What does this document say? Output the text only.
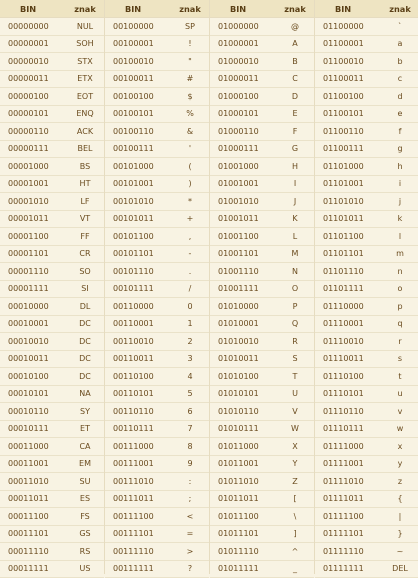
BIN	znak
00000000	NUL
00000001	SOH
00000010	STX
00000011	ETX
00000100	EOT
00000101	ENQ
00000110	ACK
00000111	BEL
00001000	BS
00001001	HT
00001010	LF
00001011	VT
00001100	FF
00001101	CR
00001110	SO
00001111	SI
00010000	DL
00010001	DC
00010010	DC
00010011	DC
00010100	DC
00010101	NA
00010110	SY
00010111	ET
00011000	CA
00011001	EM
00011010	SU
00011011	ES
00011100	FS
00011101	GS
00011110	RS
00011111	US
BIN	znak
00100000	SP
00100001	!
00100010	"
00100011	#
00100100	$
00100101	%
00100110	&
00100111	'
00101000	(
00101001	)
00101010	*
00101011	+
00101100	,
00101101	-
00101110	.
00101111	/
00110000	0
00110001	1
00110010	2
00110011	3
00110100	4
00110101	5
00110110	6
00110111	7
00111000	8
00111001	9
00111010	:
00111011	;
00111100	<
00111101	=
00111110	>
00111111	?
BIN	znak
01000000	@
01000001	A
01000010	B
01000011	C
01000100	D
01000101	E
01000110	F
01000111	G
01001000	H
01001001	I
01001010	J
01001011	K
01001100	L
01001101	M
01001110	N
01001111	O
01010000	P
01010001	Q
01010010	R
01010011	S
01010100	T
01010101	U
01010110	V
01010111	W
01011000	X
01011001	Y
01011010	Z
01011011	[
01011100	\
01011101	]
01011110	^
01011111	_
BIN	znak
01100000	`
01100001	a
01100010	b
01100011	c
01100100	d
01100101	e
01100110	f
01100111	g
01101000	h
01101001	i
01101010	j
01101011	k
01101100	l
01101101	m
01101110	n
01101111	o
01110000	p
01110001	q
01110010	r
01110011	s
01110100	t
01110101	u
01110110	v
01110111	w
01111000	x
01111001	y
01111010	z
01111011	{
01111100	|
01111101	}
01111110	~
01111111	DEL
